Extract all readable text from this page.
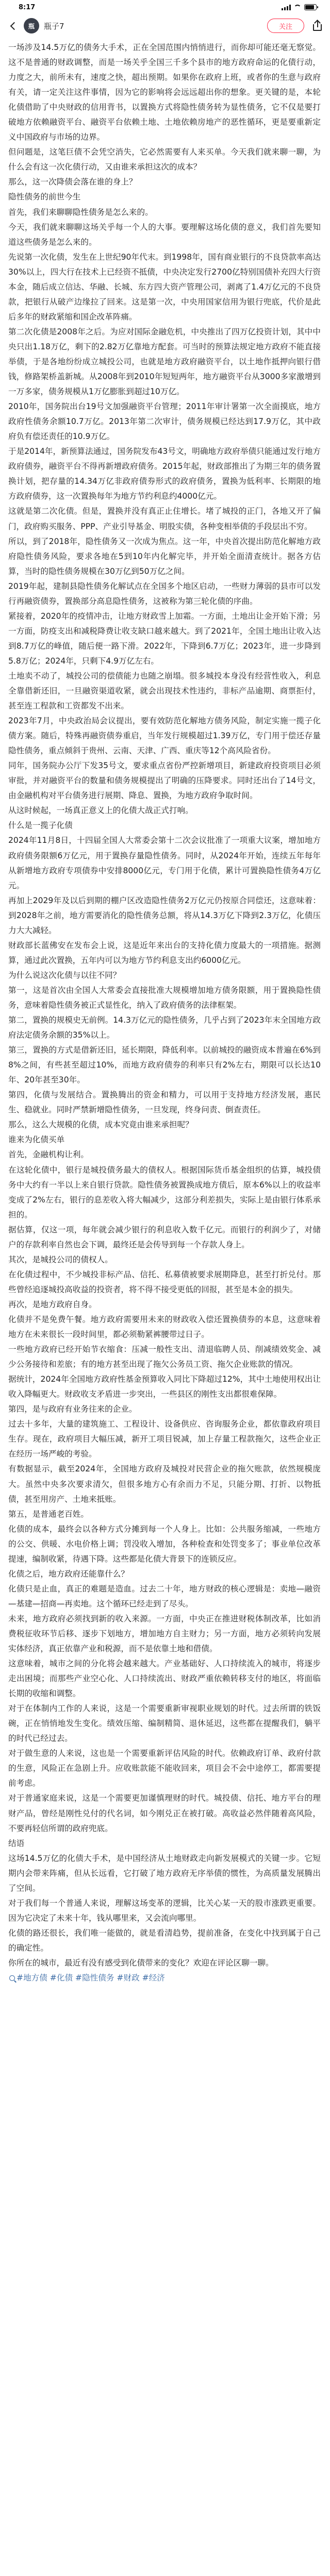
8:17
瓶	瓶子7	关注

一场涉及14.5万亿的债务大手术，正在全国范围内悄悄进行，而你却可能还毫无察觉。这不是普通的财政调整，而是一场关乎全国三千多个县市的地方政府命运的化债行动，力度之大，前所未有，速度之快，超出预期。如果你在政府上班，或者你的生意与政府有关，请一定关注这件事情，因为它的影响将会远远超出你的想象。更关键的是，本轮化债借助了中央财政的信用背书，以置换方式将隐性债务转为显性债务，它不仅是要打破地方依赖融资平台、融资平台依赖土地、土地依赖房地产的恶性循环，更是要重新定义中国政府与市场的边界。

但问题是，这笔巨债不会凭空消失，它必然需要有人来买单。今天我们就来聊一聊，为什么会有这一次化债行动，又由谁来承担这次的成本？

那么，这一次降债会落在谁的身上？

隐性债务的前世今生

首先，我们来聊聊隐性债务是怎么来的。

今天，我们就来聊聊这场关乎每一个人的大事。要理解这场化债的意义，我们首先要知道这些债务是怎么来的。

先说第一次化债，发生在上世纪90年代末。到1998年，国有商业银行的不良贷款率高达30%以上，四大行在技术上已经资不抵债，中央决定发行2700亿特别国债补充四大行资本金，随后成立信达、华融、长城、东方四大资产管理公司，剥离了1.4万亿元的不良贷款，把银行从破产边缘拉了回来。这是第一次，中央用国家信用为银行兜底，代价是此后多年的财政紧缩和国企改革阵痛。

第二次化债是2008年之后。为应对国际金融危机，中央推出了四万亿投资计划，其中中央只出1.18万亿，剩下的2.82万亿靠地方配套。可当时的预算法规定地方政府不能直接举债，于是各地纷纷成立城投公司，也就是地方政府融资平台，以土地作抵押向银行借钱，修路架桥盖新城。从2008年到2010年短短两年，地方融资平台从3000多家激增到一万多家，债务规模从1万亿膨胀到超过10万亿。

2010年，国务院出台19号文加强融资平台管理；2011年审计署第一次全面摸底，地方政府性债务余额10.7万亿。2013年第二次审计，债务规模已经达到17.9万亿，其中政府负有偿还责任的10.9万亿。

于是2014年，新预算法通过，国务院发布43号文，明确地方政府举债只能通过发行地方政府债券，融资平台不得再新增政府债务。2015年起，财政部推出了为期三年的债务置换计划，把存量的14.34万亿非政府债券形式的政府债务，置换为低利率、长期限的地方政府债券，这一次置换每年为地方节约利息约4000亿元。

这就是第二次化债。但是，置换并没有真正止住增长。堵了城投的正门，各地又开了偏门，政府购买服务、PPP、产业引导基金、明股实债，各种变相举债的手段层出不穷。

所以，到了2018年，隐性债务又一次成为焦点。这一年，中央首次提出防范化解地方政府隐性债务风险，要求各地在5到10年内化解完毕，并开始全面清查统计。据各方估算，当时的隐性债务规模在30万亿到50万亿之间。

2019年起，建制县隐性债务化解试点在全国多个地区启动，一些财力薄弱的县市可以发行再融资债券，置换部分高息隐性债务，这被称为第三轮化债的序曲。

紧接着，2020年的疫情冲击，让地方财政雪上加霜。一方面，土地出让金开始下滑；另一方面，防疫支出和减税降费让收支缺口越来越大。到了2021年，全国土地出让收入达到8.7万亿的峰值，随后便一路下滑。2022年，下降到6.7万亿；2023年，进一步降到5.8万亿；2024年，只剩下4.9万亿左右。

土地卖不动了，城投公司的偿债能力也随之崩塌。很多城投本身没有经营性收入，利息全靠借新还旧，一旦融资渠道收紧，就会出现技术性违约，非标产品逾期、商票拒付，甚至连工程款和工资都发不出来。

2023年7月，中央政治局会议提出，要有效防范化解地方债务风险，制定实施一揽子化债方案。随后，特殊再融资债券重启，当年发行规模超过1.39万亿，专门用于偿还存量隐性债务，重点倾斜于贵州、云南、天津、广西、重庆等12个高风险省份。

同年，国务院办公厅下发35号文，要求重点省份严控新增项目，新建政府投资项目必须审批，并对融资平台的数量和债务规模提出了明确的压降要求。同时还出台了14号文，由金融机构对平台债务进行展期、降息、置换，为地方政府争取时间。

从这时候起，一场真正意义上的化债大战正式打响。

什么是一揽子化债

2024年11月8日，十四届全国人大常委会第十二次会议批准了一项重大议案，增加地方政府债务限额6万亿元，用于置换存量隐性债务。同时，从2024年开始，连续五年每年从新增地方政府专项债券中安排8000亿元，专门用于化债，累计可置换隐性债务4万亿元。

再加上2029年及以后到期的棚户区改造隐性债务2万亿元仍按原合同偿还，这意味着：到2028年之前，地方需要消化的隐性债务总额，将从14.3万亿下降到2.3万亿，化债压力大大减轻。

财政部长蓝佛安在发布会上说，这是近年来出台的支持化债力度最大的一项措施。据测算，通过此次置换，五年内可以为地方节约利息支出约6000亿元。

为什么说这次化债与以往不同？

第一，这是首次由全国人大常委会直接批准大规模增加地方债务限额，用于置换隐性债务，意味着隐性债务被正式显性化，纳入了政府债务的法律框架。

第二，置换的规模史无前例。14.3万亿元的隐性债务，几乎占到了2023年末全国地方政府法定债务余额的35%以上。

第三，置换的方式是借新还旧，延长期限，降低利率。以前城投的融资成本普遍在6%到8%之间，有些甚至超过10%，而地方政府债券的利率只有2%左右，期限可以长达10年、20年甚至30年。

第四，化债与发展结合。置换腾出的资金和精力，可以用于支持地方经济发展，惠民生、稳就业。同时严禁新增隐性债务，一旦发现，终身问责、倒查责任。

那么，这么大规模的化债，成本究竟由谁来承担呢？

谁来为化债买单

首先，金融机构让利。

在这轮化债中，银行是城投债务最大的债权人。根据国际货币基金组织的估算，城投债务中大约有一半以上来自银行贷款。隐性债务被置换成地方债后，原本6%以上的收益率变成了2%左右，银行的息差收入将大幅减少，这部分利差损失，实际上是由银行体系承担的。

据估算，仅这一项，每年就会减少银行的利息收入数千亿元。而银行的利润少了，对储户的存款利率自然也会下调，最终还是会传导到每一个存款人身上。

其次，是城投公司的债权人。

在化债过程中，不少城投非标产品、信托、私募债被要求展期降息，甚至打折兑付。那些曾经追逐城投高收益的投资者，将不得不接受更低的回报，甚至是本金的损失。

再次，是地方政府自身。

化债并不是免费午餐。地方政府需要用未来的财政收入偿还置换债券的本息，这意味着地方在未来很长一段时间里，都必须勒紧裤腰带过日子。

一些地方政府已经开始节衣缩食：压减一般性支出、清退临聘人员、削减绩效奖金、减少公务接待和差旅；有的地方甚至出现了拖欠公务员工资、拖欠企业账款的情况。

据统计，2024年全国地方政府性基金预算收入同比下降超过12%，其中土地使用权出让收入降幅更大。财政收支矛盾进一步突出，一些县区的刚性支出都很难保障。

第四，是与政府有业务往来的企业。

过去十多年，大量的建筑施工、工程设计、设备供应、咨询服务企业，都依靠政府项目生存。现在，政府项目大幅压减，新开工项目锐减，加上存量工程款拖欠，这些企业正在经历一场严峻的考验。

有数据显示，截至2024年，全国地方政府及城投对民营企业的拖欠账款，依然规模庞大。虽然中央多次要求清欠，但很多地方心有余而力不足，只能分期、打折、以物抵债，甚至用房产、土地来抵账。

第五，是普通老百姓。

化债的成本，最终会以各种方式分摊到每一个人身上。比如：公共服务缩减，一些地方的公交、供暖、水电价格上调；罚没收入增加，各种检查和处罚变多了；事业单位改革提速，编制收紧，待遇下降。这些都是化债大背景下的连锁反应。

化债之后，地方政府还能靠什么？

化债只是止血，真正的难题是造血。过去二十年，地方财政的核心逻辑是：卖地—融资—基建—招商—再卖地。这个循环已经走到了尽头。

未来，地方政府必须找到新的收入来源。一方面，中央正在推进财税体制改革，比如消费税征收环节后移、逐步下划地方，增加地方自主财力；另一方面，地方必须转向发展实体经济，真正依靠产业和税源，而不是依靠土地和借债。

这意味着，城市之间的分化将会越来越大。产业基础好、人口持续流入的城市，将逐步走出困境；而那些产业空心化、人口持续流出、财政严重依赖转移支付的地区，将面临长期的收缩和调整。

对于在体制内工作的人来说，这是一个需要重新审视职业规划的时代。过去所谓的铁饭碗，正在悄悄地发生变化。绩效压缩、编制精简、退休延迟，这些都在提醒我们，躺平的时代已经过去。

对于做生意的人来说，这也是一个需要重新评估风险的时代。依赖政府订单、政府付款的生意，风险正在急剧上升。应收账款能不能收回来，项目会不会中途停工，都需要提前考虑。

对于普通家庭来说，这是一个需要更加谨慎理财的时代。城投债、信托、地方平台的理财产品，曾经是刚性兑付的代名词，如今刚兑正在被打破。高收益必然伴随着高风险，不要再轻信所谓的政府兜底。

结语

这场14.5万亿的化债大手术，是中国经济从土地财政走向新发展模式的关键一步。它短期内会带来阵痛，但从长远看，它打破了地方政府无序举债的惯性，为高质量发展腾出了空间。

对于我们每一个普通人来说，理解这场变革的逻辑，比关心某一天的股市涨跌更重要。因为它决定了未来十年，钱从哪里来，又会流向哪里。

化债的路还很长，我们唯一能做的，就是看清趋势，提前准备，在变化中找到属于自己的确定性。

你所在的城市，最近有没有感受到化债带来的变化？欢迎在评论区聊一聊。

#地方债 #化债 #隐性债务 #财政 #经济
